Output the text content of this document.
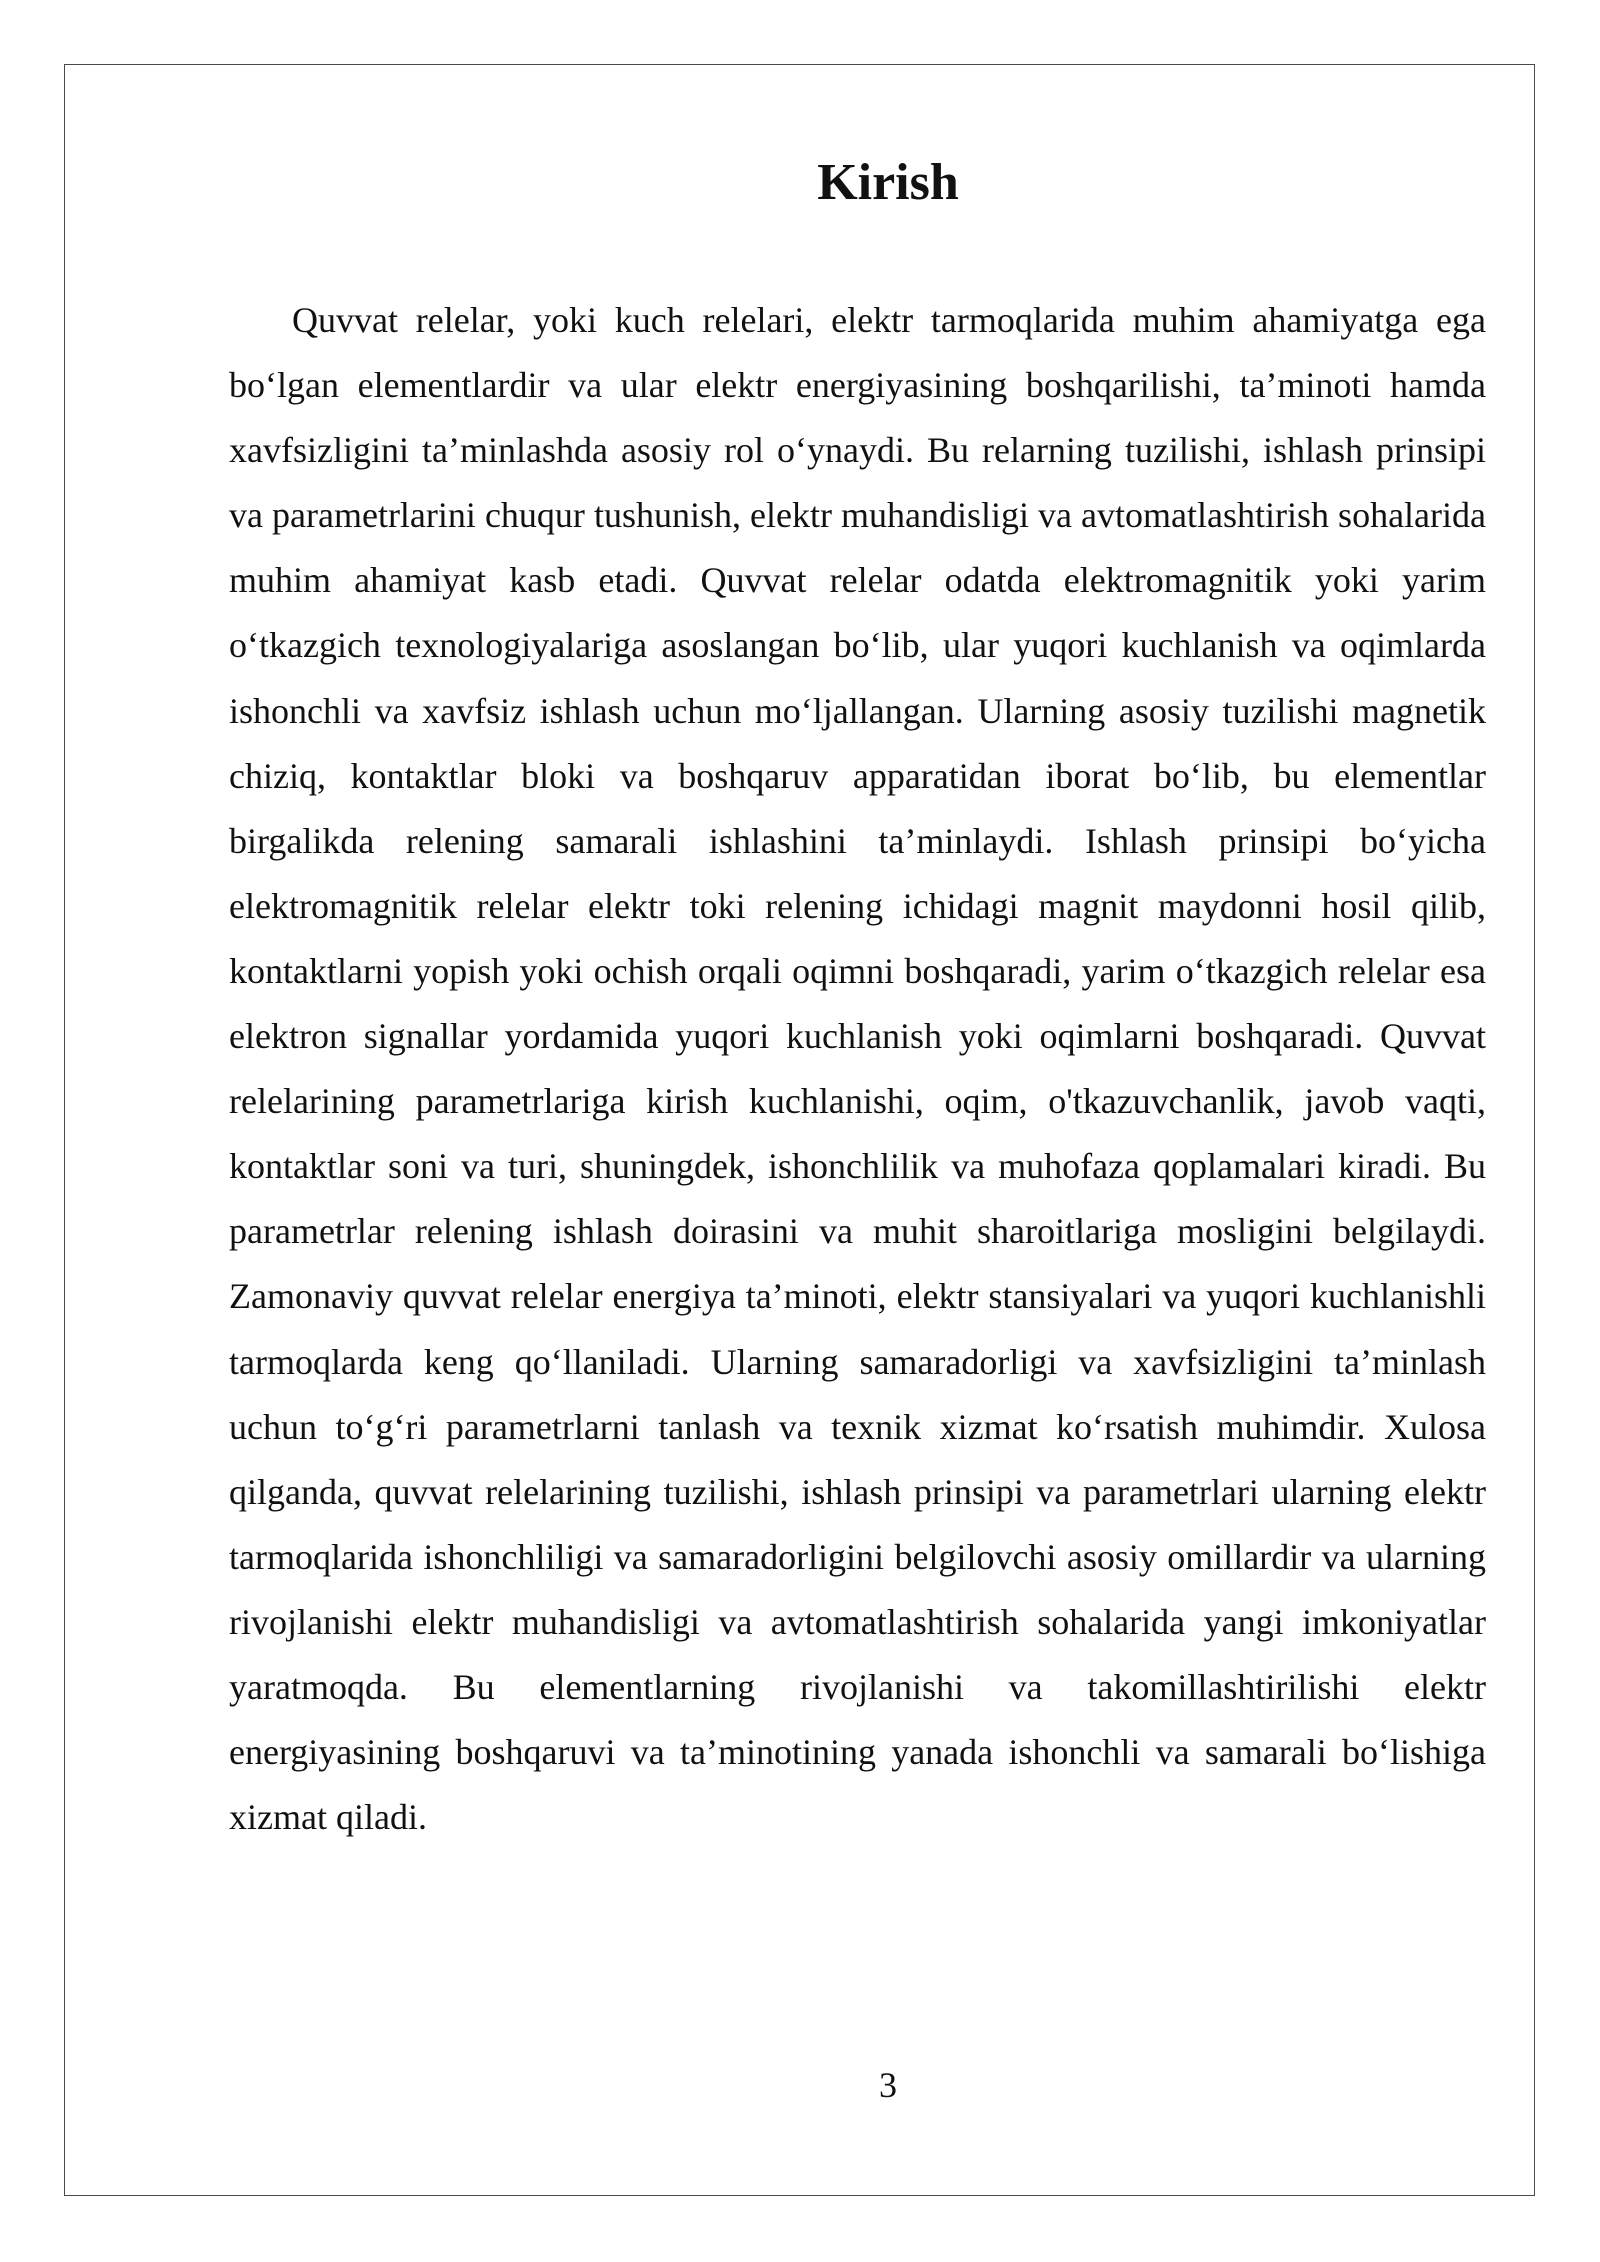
Kirish

Quvvat relelar, yoki kuch relelari, elektr tarmoqlarida muhim ahamiyatga ega bo‘lgan elementlardir va ular elektr energiyasining boshqarilishi, ta’minoti hamda xavfsizligini ta’minlashda asosiy rol o‘ynaydi. Bu relarning tuzilishi, ishlash prinsipi va parametrlarini chuqur tushunish, elektr muhandisligi va avtomatlashtirish sohalarida muhim ahamiyat kasb etadi. Quvvat relelar odatda elektromagnitik yoki yarim o‘tkazgich texnologiyalariga asoslangan bo‘lib, ular yuqori kuchlanish va oqimlarda ishonchli va xavfsiz ishlash uchun mo‘ljallangan. Ularning asosiy tuzilishi magnetik chiziq, kontaktlar bloki va boshqaruv apparatidan iborat bo‘lib, bu elementlar birgalikda relening samarali ishlashini ta’minlaydi. Ishlash prinsipi bo‘yicha elektromagnitik relelar elektr toki relening ichidagi magnit maydonni hosil qilib, kontaktlarni yopish yoki ochish orqali oqimni boshqaradi, yarim o‘tkazgich relelar esa elektron signallar yordamida yuqori kuchlanish yoki oqimlarni boshqaradi. Quvvat relelarining parametrlariga kirish kuchlanishi, oqim, o'tkazuvchanlik, javob vaqti, kontaktlar soni va turi, shuningdek, ishonchlilik va muhofaza qoplamalari kiradi. Bu parametrlar relening ishlash doirasini va muhit sharoitlariga mosligini belgilaydi. Zamonaviy quvvat relelar energiya ta’minoti, elektr stansiyalari va yuqori kuchlanishli tarmoqlarda keng qo‘llaniladi. Ularning samaradorligi va xavfsizligini ta’minlash uchun to‘g‘ri parametrlarni tanlash va texnik xizmat ko‘rsatish muhimdir. Xulosa qilganda, quvvat relelarining tuzilishi, ishlash prinsipi va parametrlari ularning elektr tarmoqlarida ishonchliligi va samaradorligini belgilovchi asosiy omillardir va ularning rivojlanishi elektr muhandisligi va avtomatlashtirish sohalarida yangi imkoniyatlar yaratmoqda. Bu elementlarning rivojlanishi va takomillashtirilishi elektr energiyasining boshqaruvi va ta’minotining yanada ishonchli va samarali bo‘lishiga xizmat qiladi.

3
